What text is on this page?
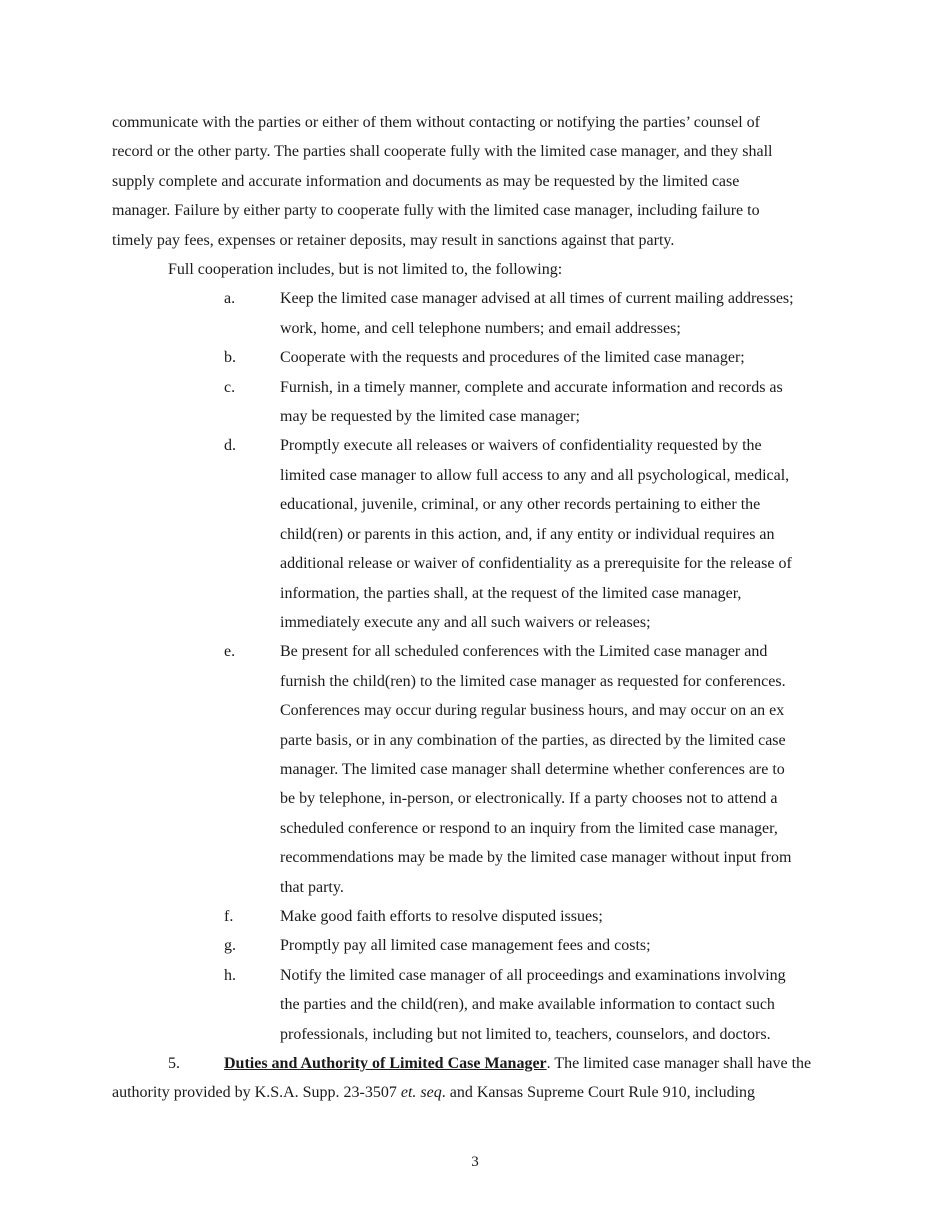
communicate with the parties or either of them without contacting or notifying the parties’ counsel of
record or the other party. The parties shall cooperate fully with the limited case manager, and they shall
supply complete and accurate information and documents as may be requested by the limited case
manager. Failure by either party to cooperate fully with the limited case manager, including failure to
timely pay fees, expenses or retainer deposits, may result in sanctions against that party.

Full cooperation includes, but is not limited to, the following:

a.	Keep the limited case manager advised at all times of current mailing addresses;
work, home, and cell telephone numbers; and email addresses;
b.	Cooperate with the requests and procedures of the limited case manager;
c.	Furnish, in a timely manner, complete and accurate information and records as
may be requested by the limited case manager;
d.	Promptly execute all releases or waivers of confidentiality requested by the
limited case manager to allow full access to any and all psychological, medical,
educational, juvenile, criminal, or any other records pertaining to either the
child(ren) or parents in this action, and, if any entity or individual requires an
additional release or waiver of confidentiality as a prerequisite for the release of
information, the parties shall, at the request of the limited case manager,
immediately execute any and all such waivers or releases;
e.	Be present for all scheduled conferences with the Limited case manager and
furnish the child(ren) to the limited case manager as requested for conferences.
Conferences may occur during regular business hours, and may occur on an ex
parte basis, or in any combination of the parties, as directed by the limited case
manager. The limited case manager shall determine whether conferences are to
be by telephone, in-person, or electronically. If a party chooses not to attend a
scheduled conference or respond to an inquiry from the limited case manager,
recommendations may be made by the limited case manager without input from
that party.
f.	Make good faith efforts to resolve disputed issues;
g.	Promptly pay all limited case management fees and costs;
h.	Notify the limited case manager of all proceedings and examinations involving
the parties and the child(ren), and make available information to contact such
professionals, including but not limited to, teachers, counselors, and doctors.

5.	Duties and Authority of Limited Case Manager. The limited case manager shall have the
authority provided by K.S.A. Supp. 23-3507 et. seq. and Kansas Supreme Court Rule 910, including

3
